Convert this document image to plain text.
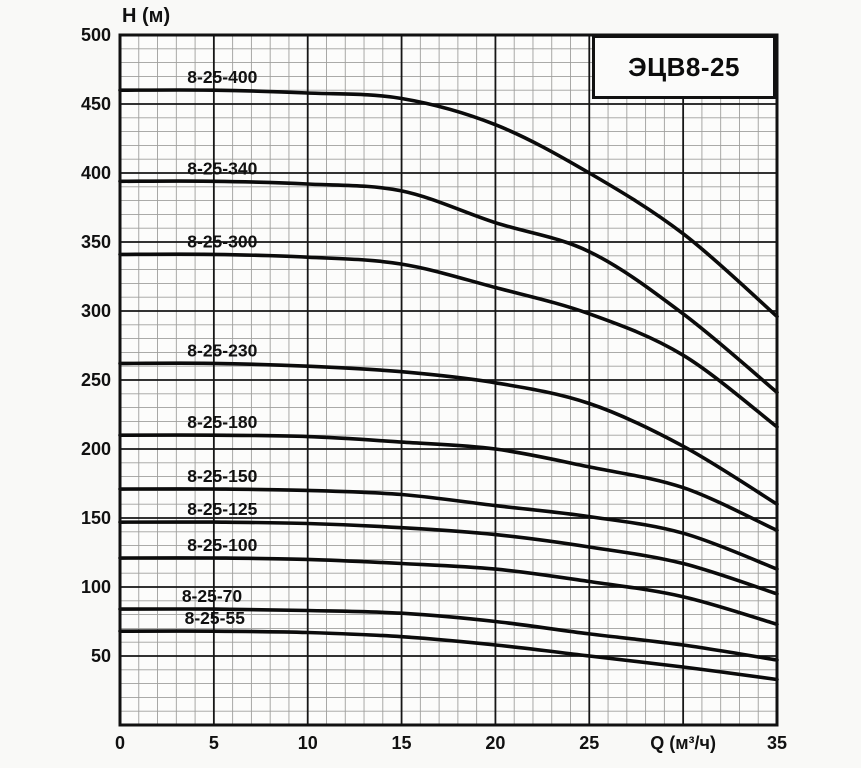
H (м)
ЭЦВ8-25
8-25-400
8-25-340
8-25-300
8-25-230
8-25-180
8-25-150
8-25-125
8-25-100
8-25-70
8-25-55
0	5	10	15	20	25	Q (м³/ч)	35
500
450
400
350
300
250
200
150
100
50
